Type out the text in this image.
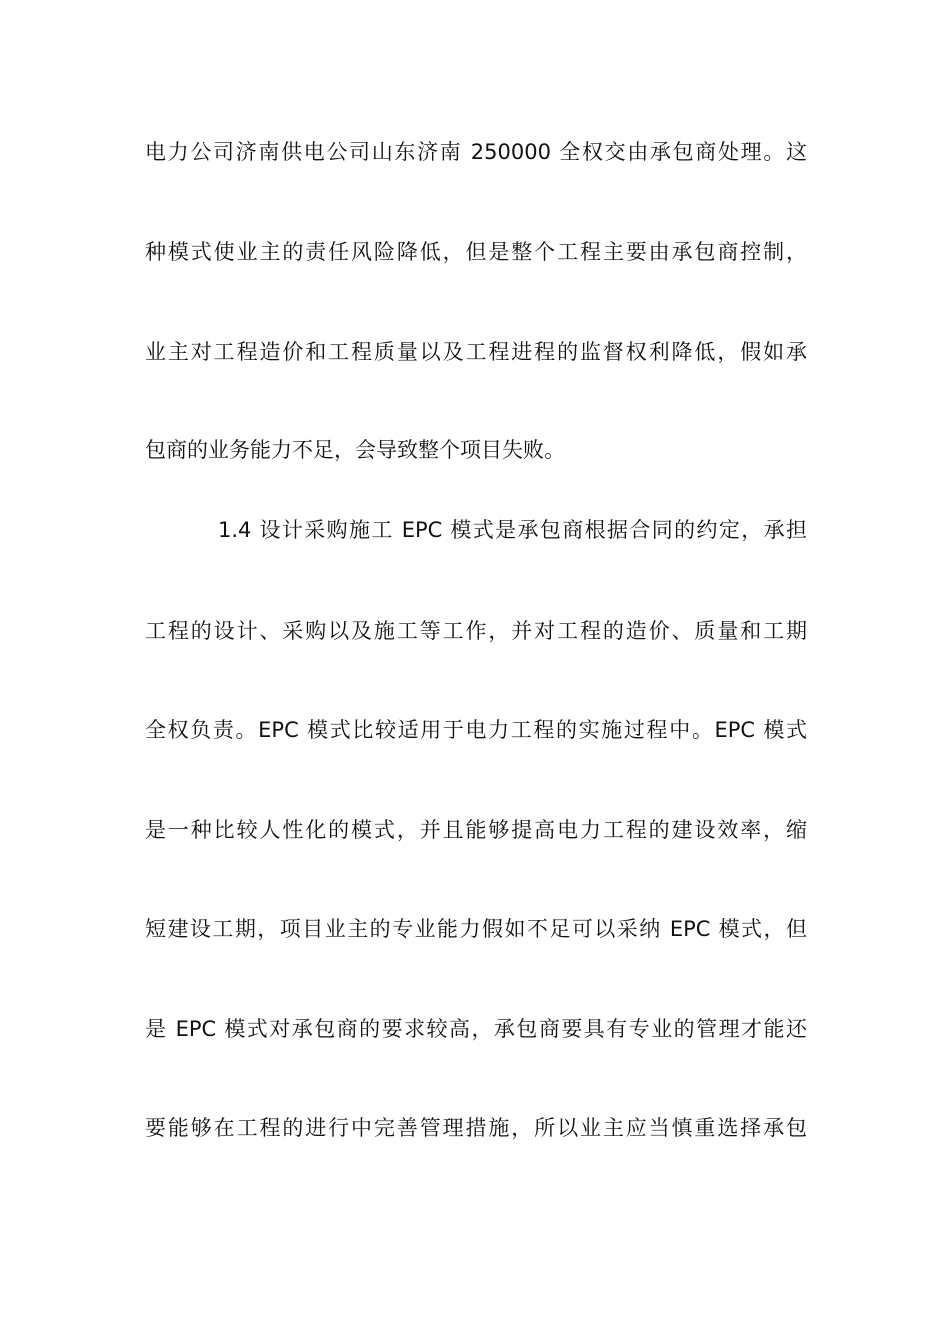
电力公司济南供电公司山东济南 250000 全权交由承包商处理。这
种模式使业主的责任风险降低，但是整个工程主要由承包商控制，
业主对工程造价和工程质量以及工程进程的监督权利降低，假如承
包商的业务能力不足，会导致整个项目失败。
1.4 设计采购施工 EPC 模式是承包商根据合同的约定，承担
工程的设计、采购以及施工等工作，并对工程的造价、质量和工期
全权负责。EPC 模式比较适用于电力工程的实施过程中。EPC 模式
是一种比较人性化的模式，并且能够提高电力工程的建设效率，缩
短建设工期，项目业主的专业能力假如不足可以采纳 EPC 模式，但
是 EPC 模式对承包商的要求较高，承包商要具有专业的管理才能还
要能够在工程的进行中完善管理措施，所以业主应当慎重选择承包
